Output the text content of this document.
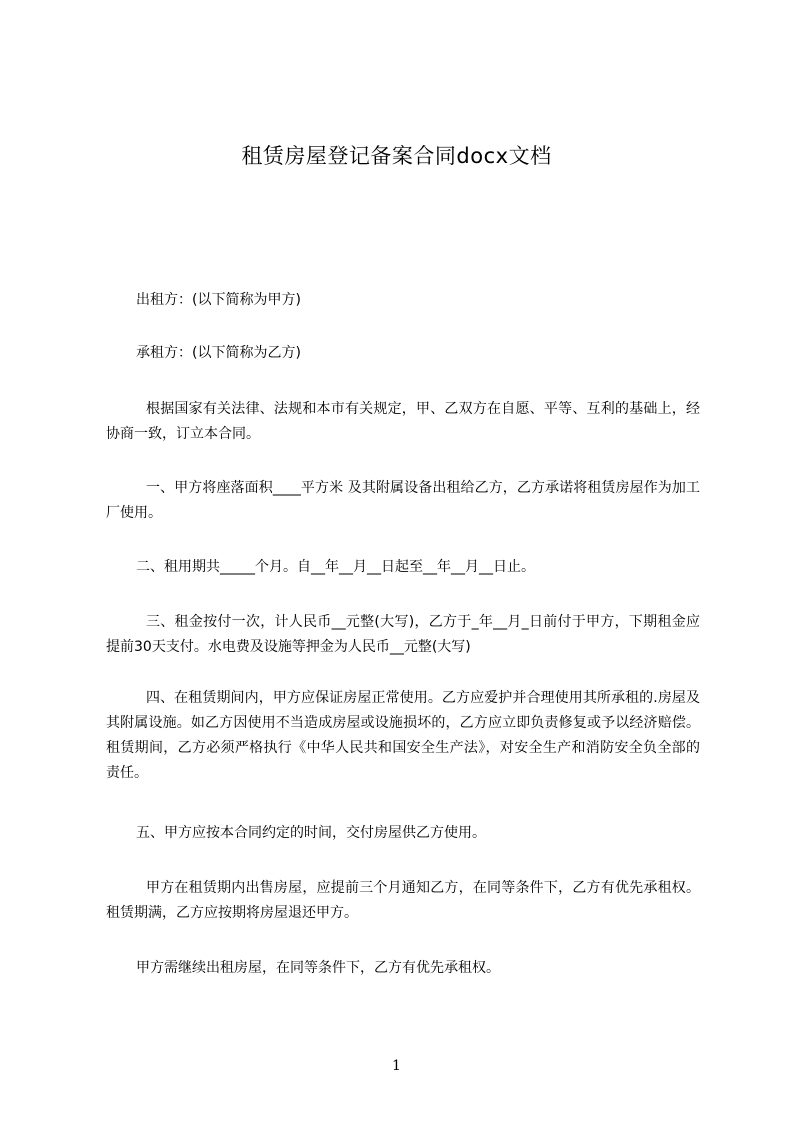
租赁房屋登记备案合同docx文档

出租方：(以下简称为甲方)

承租方：(以下简称为乙方)

根据国家有关法律、法规和本市有关规定，甲、乙双方在自愿、平等、互利的基础上，经协商一致，订立本合同。

一、甲方将座落面积____平方米 及其附属设备出租给乙方，乙方承诺将租赁房屋作为加工厂使用。

二、租用期共_____个月。自__年__月__日起至__年__月__日止。

三、租金按付一次，计人民币__元整(大写)，乙方于_年__月_日前付于甲方，下期租金应提前30天支付。水电费及设施等押金为人民币__元整(大写)

四、在租赁期间内，甲方应保证房屋正常使用。乙方应爱护并合理使用其所承租的.房屋及其附属设施。如乙方因使用不当造成房屋或设施损坏的，乙方应立即负责修复或予以经济赔偿。租赁期间，乙方必须严格执行《中华人民共和国安全生产法》，对安全生产和消防安全负全部的责任。

五、甲方应按本合同约定的时间，交付房屋供乙方使用。

甲方在租赁期内出售房屋，应提前三个月通知乙方，在同等条件下，乙方有优先承租权。租赁期满，乙方应按期将房屋退还甲方。

甲方需继续出租房屋，在同等条件下，乙方有优先承租权。

1
